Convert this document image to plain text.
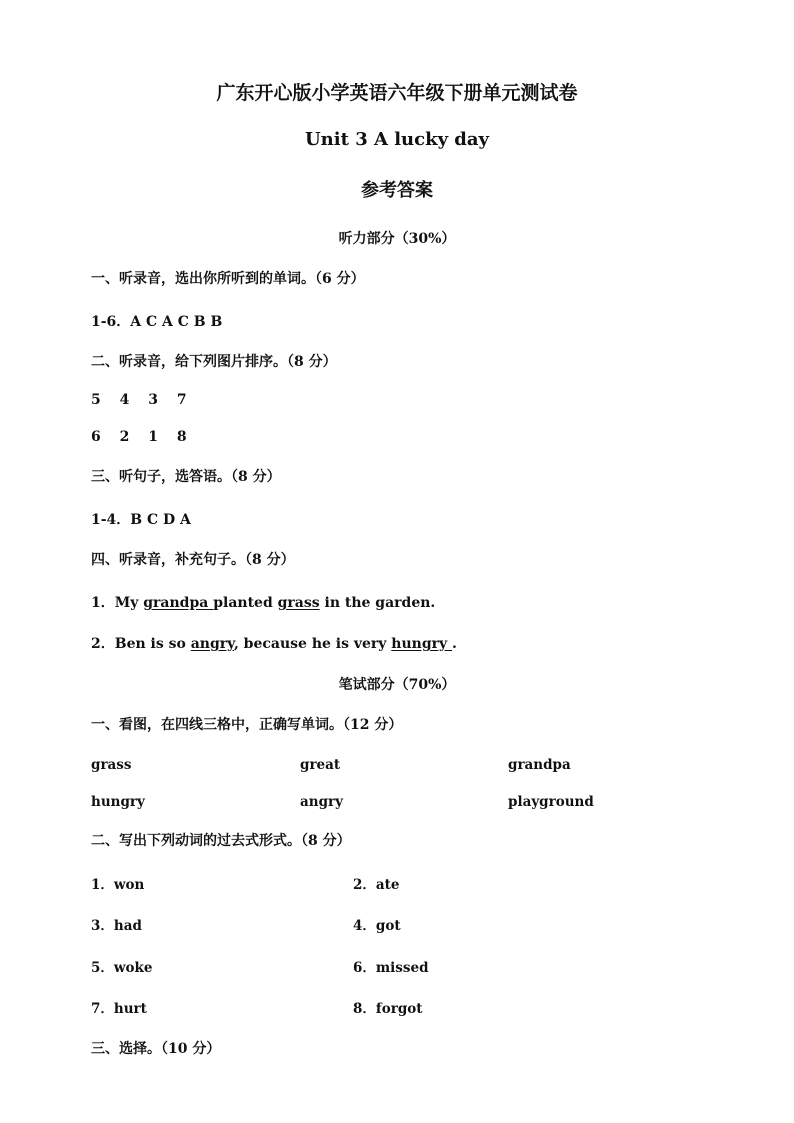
广东开心版小学英语六年级下册单元测试卷
Unit 3 A lucky day
参考答案
听力部分（30%）
一、听录音，选出你所听到的单词。（6 分）
1-6．A C A C B B
二、听录音，给下列图片排序。（8 分）
5 4 3 7
6 2 1 8
三、听句子，选答语。（8 分）
1-4．B C D A
四、听录音，补充句子。（8 分）
1．My grandpa planted grass in the garden.
2．Ben is so angry, because he is very hungry .
笔试部分（70%）
一、看图，在四线三格中，正确写单词。（12 分）
grass	great	grandpa
hungry	angry	playground
二、写出下列动词的过去式形式。（8 分）
1．won	2．ate
3．had	4．got
5．woke	6．missed
7．hurt	8．forgot
三、选择。（10 分）
